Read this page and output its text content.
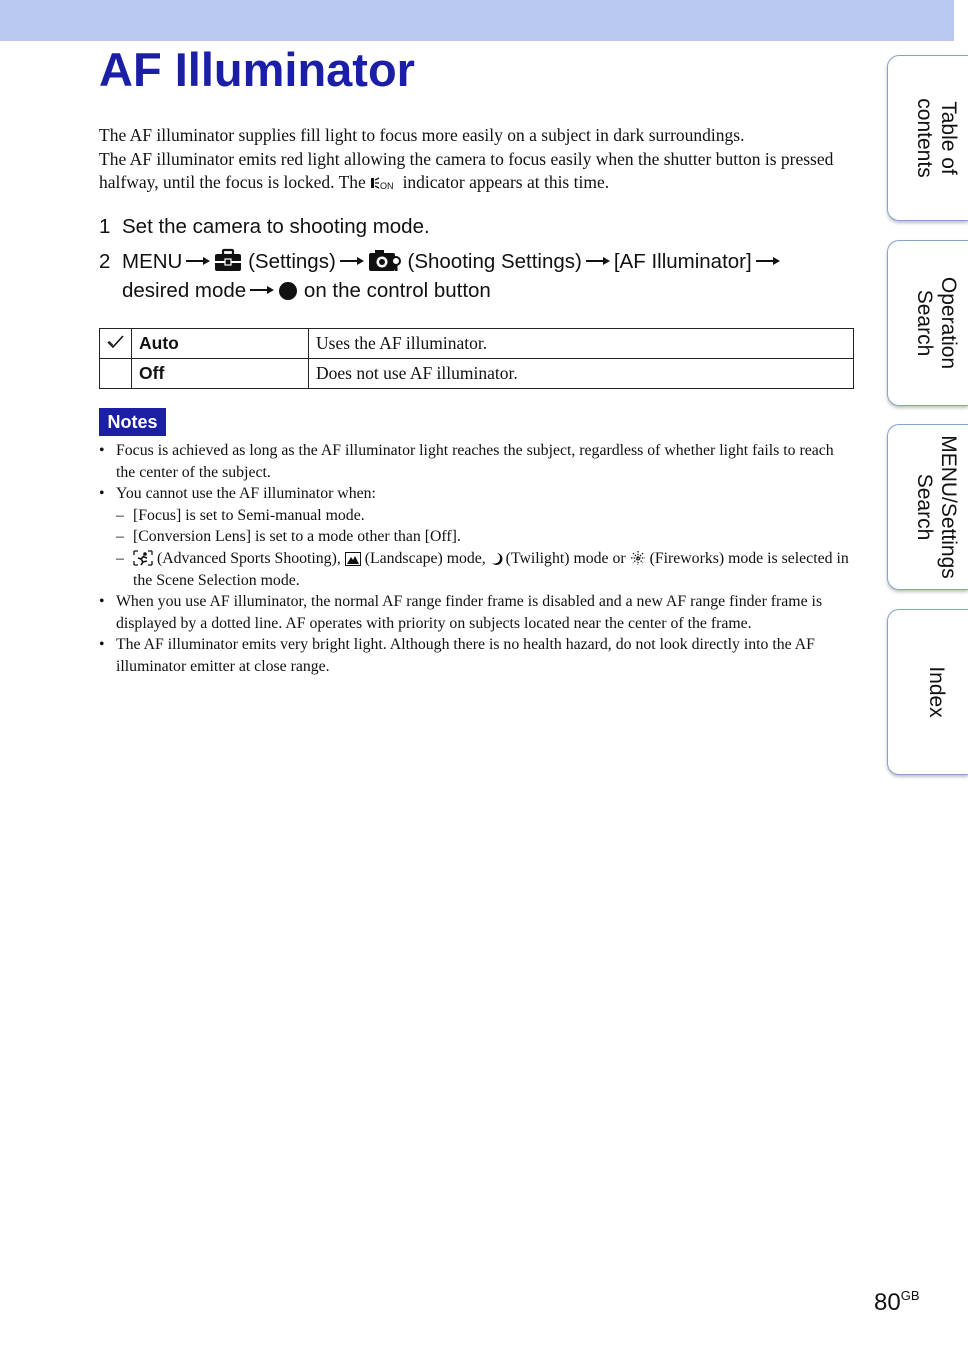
AF Illuminator

The AF illuminator supplies fill light to focus more easily on a subject in dark surroundings.

The AF illuminator emits red light allowing the camera to focus easily when the shutter button is pressed halfway, until the focus is locked. The ON indicator appears at this time.

1 Set the camera to shooting mode.
2 MENU	(Settings)	(Shooting Settings) [AF Illuminator]
desired mode	on the control button
	Auto	Uses the AF illuminator.
	Off	Does not use AF illuminator.
Notes
• Focus is achieved as long as the AF illuminator light reaches the subject, regardless of whether light fails to reach the center of the subject.
• You cannot use the AF illuminator when:
– [Focus] is set to Semi-manual mode.
– [Conversion Lens] is set to a mode other than [Off].
– (Advanced Sports Shooting), (Landscape) mode, (Twilight) mode or (Fireworks) mode is selected in the Scene Selection mode.
• When you use AF illuminator, the normal AF range finder frame is disabled and a new AF range finder frame is displayed by a dotted line. AF operates with priority on subjects located near the center of the frame.
• The AF illuminator emits very bright light. Although there is no health hazard, do not look directly into the AF illuminator emitter at close range.
Table of
contents
Operation
Search
MENU/Settings
Search
Index
$80^{GB}$
